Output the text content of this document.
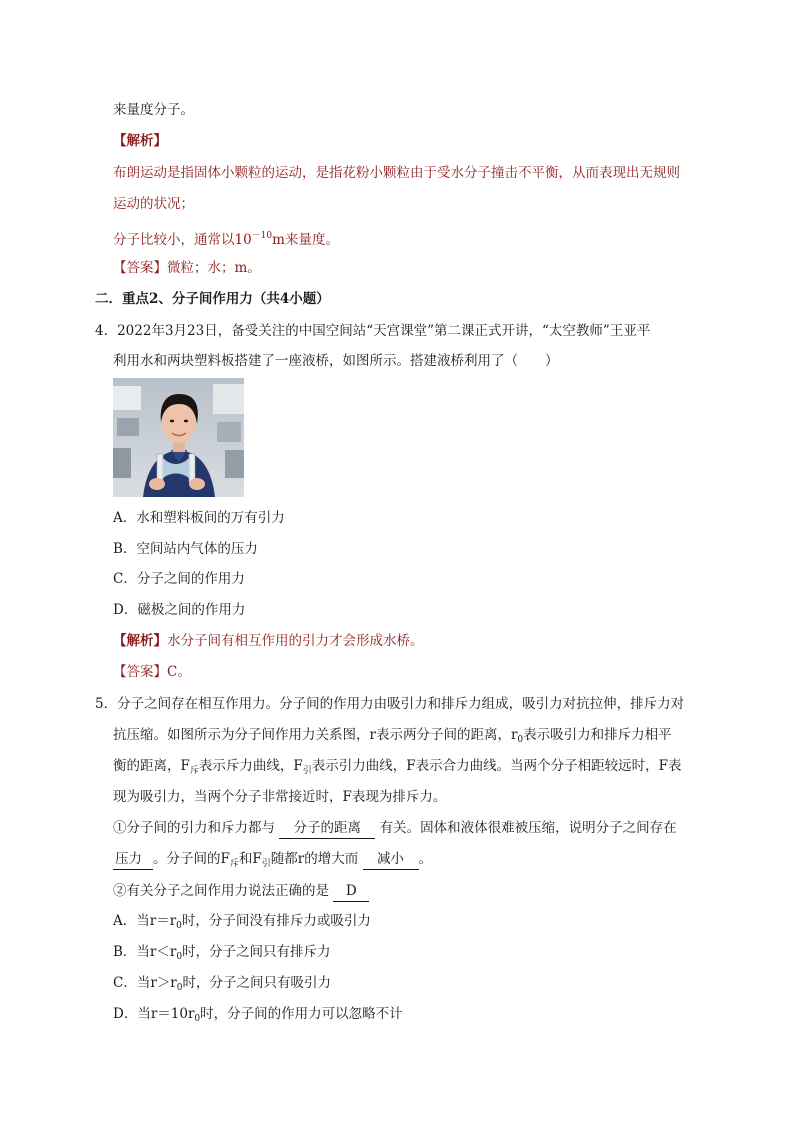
来量度分子。
【解析】
布朗运动是指固体小颗粒的运动，是指花粉小颗粒由于受水分子撞击不平衡，从而表现出无规则
运动的状况；
分子比较小，通常以$10^{-10}m$来量度。
【答案】微粒；水；m。
二．重点2、分子间作用力（共4小题）
4．2022年3月23日，备受关注的中国空间站“天宫课堂”第二课正式开讲，“太空教师”王亚平
利用水和两块塑料板搭建了一座液桥，如图所示。搭建液桥利用了（　　）
A．水和塑料板间的万有引力
B．空间站内气体的压力
C．分子之间的作用力
D．磁极之间的作用力
【解析】水分子间有相互作用的引力才会形成水桥。
【答案】C。
5．分子之间存在相互作用力。分子间的作用力由吸引力和排斥力组成，吸引力对抗拉伸，排斥力对
抗压缩。如图所示为分子间作用力关系图，r表示两分子间的距离，$r_0$表示吸引力和排斥力相平
衡的距离，$F_斥$表示斥力曲线，$F_引$表示引力曲线，F表示合力曲线。当两个分子相距较远时，F表
现为吸引力，当两个分子非常接近时，F表现为排斥力。
①分子间的引力和斥力都与 分子的距离 有关。固体和液体很难被压缩，说明分子之间存在
压力 。分子间的$F_斥$和$F_引$随都r的增大而 减小 。
②有关分子之间作用力说法正确的是 D
A．当$r=r_0$时，分子间没有排斥力或吸引力
B．当$r<r_0$时，分子之间只有排斥力
C．当$r>r_0$时，分子之间只有吸引力
D．当$r=10r_0$时，分子间的作用力可以忽略不计
